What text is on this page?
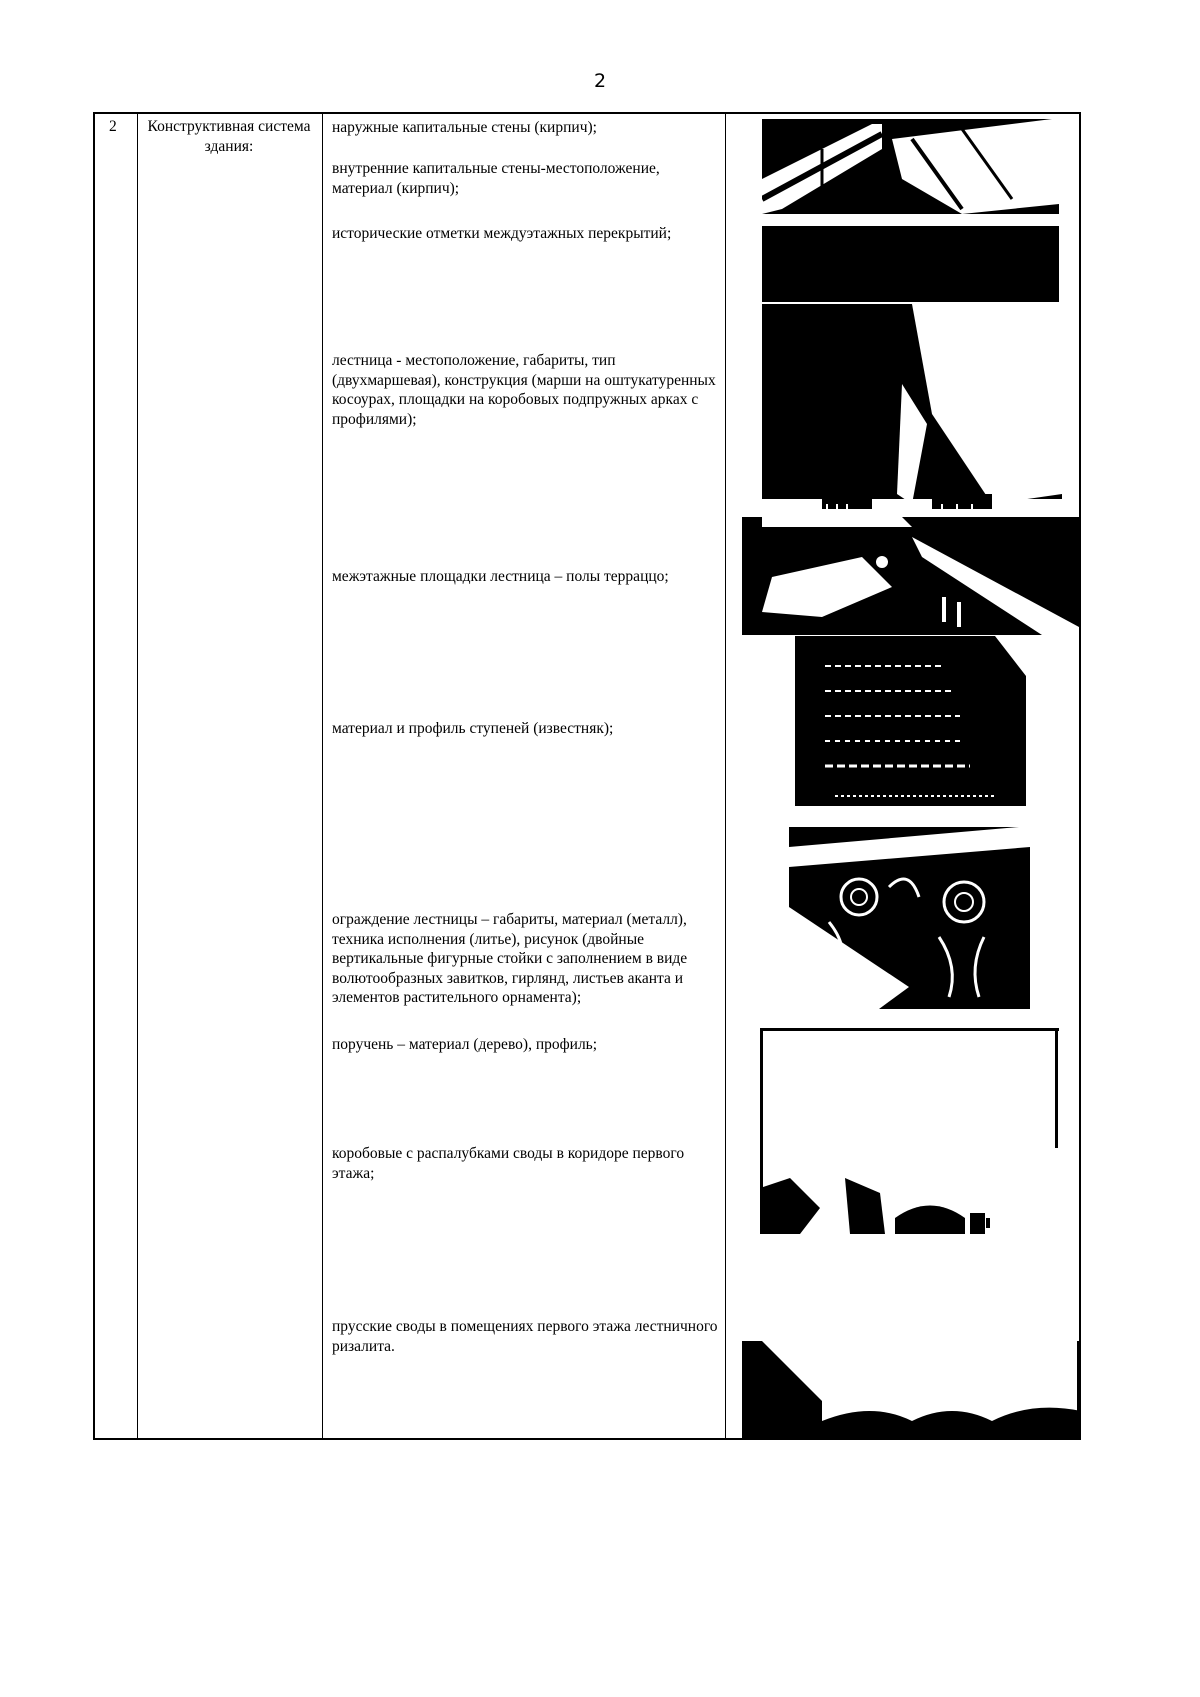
2
2	Конструктивная система здания:
наружные капитальные стены (кирпич);
внутренние капитальные стены-местоположение, материал (кирпич);
исторические отметки междуэтажных перекрытий;
лестница - местоположение, габариты, тип (двухмаршевая), конструкция (марши на оштукатуренных косоурах, площадки на коробовых подпружных арках с профилями);
межэтажные площадки лестница – полы терраццо;
материал и профиль ступеней (известняк);
ограждение лестницы – габариты, материал (металл), техника исполнения (литье), рисунок (двойные вертикальные фигурные стойки с заполнением в виде волютообразных завитков, гирлянд, листьев аканта и элементов растительного орнамента);
поручень – материал (дерево), профиль;
коробовые с распалубками своды в коридоре первого этажа;
прусские своды в помещениях первого этажа лестничного ризалита.
